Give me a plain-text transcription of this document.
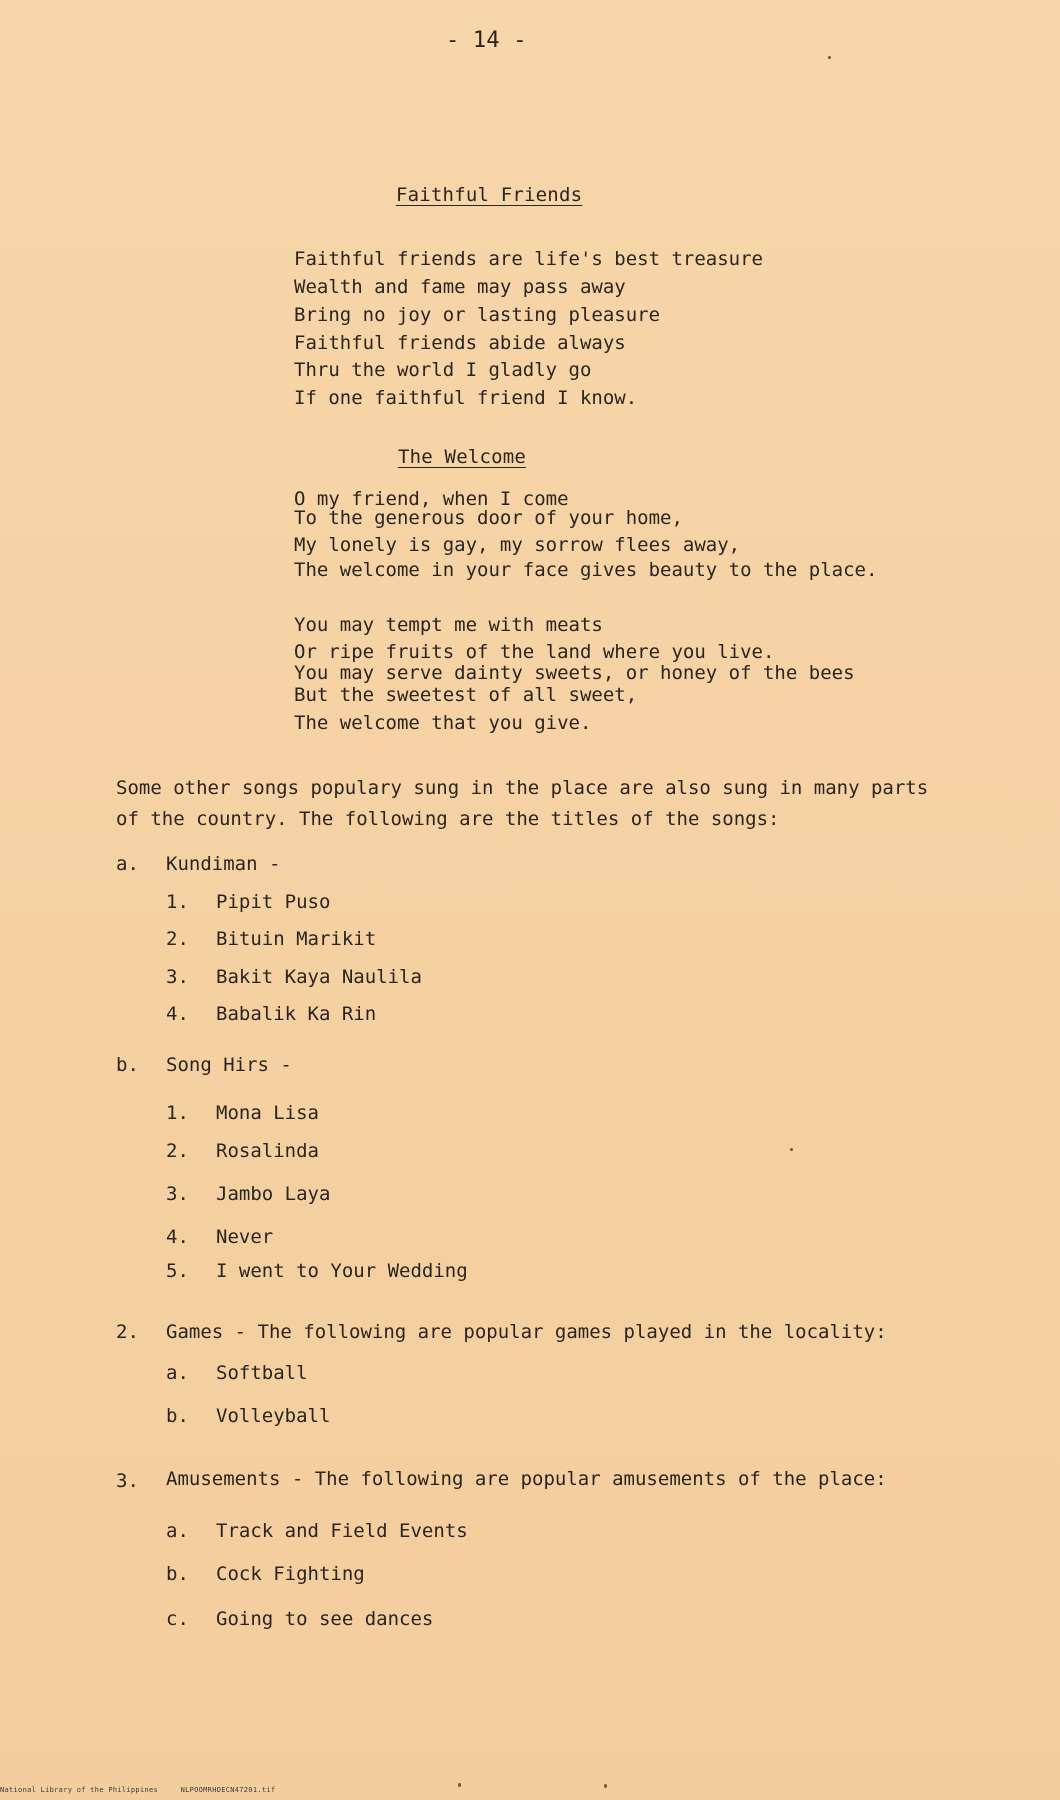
- 14 -
Faithful Friends
Faithful friends are life's best treasure
Wealth and fame may pass away
Bring no joy or lasting pleasure
Faithful friends abide always
Thru the world I gladly go
If one faithful friend I know.
The Welcome
O my friend, when I come
To the generous door of your home,
My lonely is gay, my sorrow flees away,
The welcome in your face gives beauty to the place.
You may tempt me with meats
Or ripe fruits of the land where you live.
You may serve dainty sweets, or honey of the bees
But the sweetest of all sweet,
The welcome that you give.
Some other songs populary sung in the place are also sung in many parts
of the country. The following are the titles of the songs:
a. Kundiman -
1. Pipit Puso
2. Bituin Marikit
3. Bakit Kaya Naulila
4. Babalik Ka Rin
b. Song Hirs -
1. Mona Lisa
2. Rosalinda
3. Jambo Laya
4. Never
5. I went to Your Wedding
2. Games - The following are popular games played in the locality:
a. Softball
b. Volleyball
3. Amusements - The following are popular amusements of the place:
a. Track and Field Events
b. Cock Fighting
c. Going to see dances
National Library of the Philippines	NLPOOMRHDECN47201.tif
